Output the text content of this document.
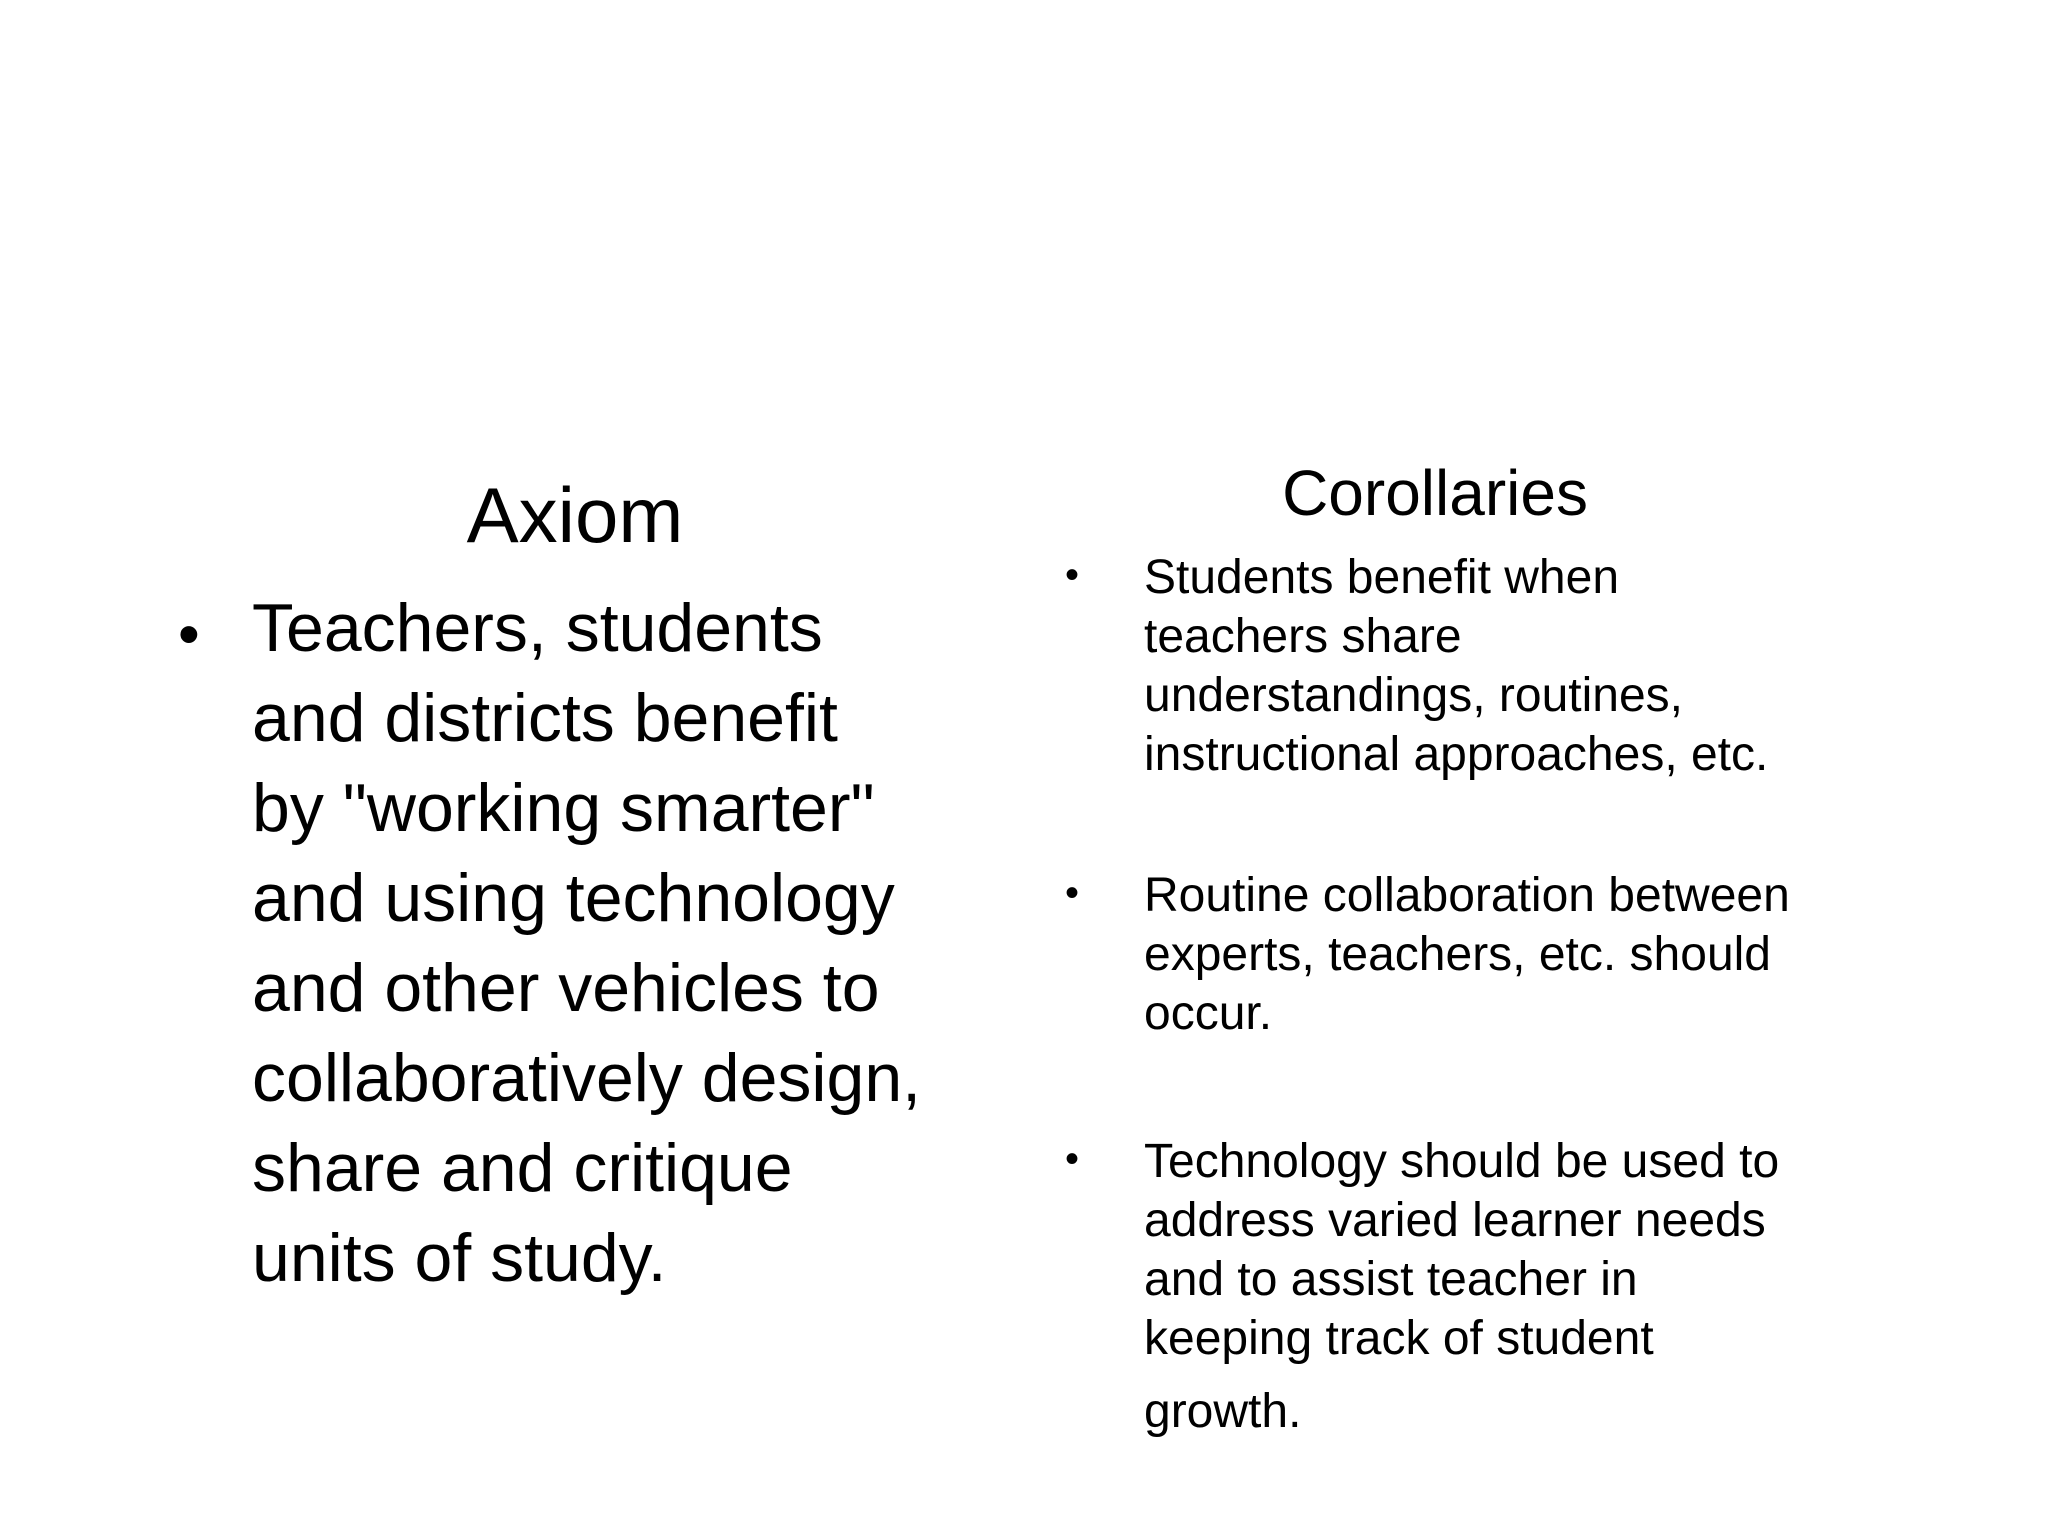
Axiom
• Teachers, students
and districts benefit
by "working smarter"
and using technology
and other vehicles to
collaboratively design,
share and critique
units of study.
Corollaries
• Students benefit when
teachers share
understandings, routines,
instructional approaches, etc.
• Routine collaboration between
experts, teachers, etc. should
occur.
• Technology should be used to
address varied learner needs
and to assist teacher in
keeping track of student
growth.
